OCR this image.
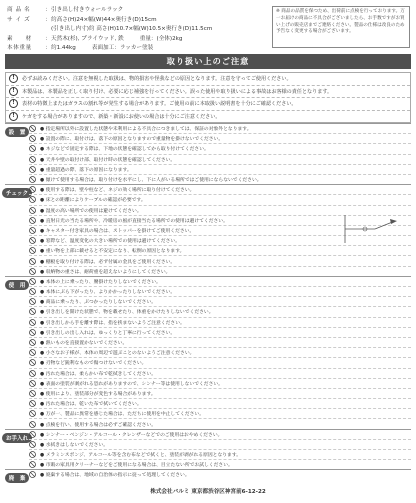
商 品 名	： 引き出し付きウォールラック
サ イ ズ	： 約高さ(H)24×幅(W)44×奥行き(D)15cm
(引き出し内寸)約 高さ(H)10.7×幅(W)10.5×奥行き(D)11.5cm
素　　材	： 天然木(杉), プライウッド, 鉄	重量：(全体)2kg
本体重量	： 約1.44kg	表面加工：ラッカー塗装
※ 商品の品質を保つため、出荷前に点検を行っております。万一お届けの商品に不具合がございましたら、お手数ですがお買い上げの販売店までご連絡ください。製品の仕様は改良のため予告なく変更する場合がございます。
取り扱い上のご注意
!	必ずお読みください。注意を無視した取扱は、物的損害や怪我などの原因となります。注意を守ってご使用ください。
!	本製品は、本製品を正しく取り付け、必要に応じ補強を行ってください。誤った使用や取り扱いによる事故はお客様の責任となります。
!	表材の特徴上またはガラスの割れ等が発生する場合があります。ご使用の前に本取扱い説明書を十分にご確認ください。
!	ケガをする場合がありますので、新築・新設にお使いの場合は十分にご注意ください。
設　置
● 指定場所以外に設置した状態や未利用による不具合につきましては、保証の対象外となります。
● 設置の際に、取付けは、落下の原因となりますので重量物を掛けないでください。
● ネジなどで固定する際は、下地の状態を確認してから取り付けてください。
● 天井や壁の取付け部、取付け時の状態を確認してください。
● 重量超過の際、落下の原因になります。
● 傾けて使用する場合は、取り付けを水平にし、下に人がいる場所ではご使用にならないでください。
チェック
● 使用する際は、壁や柱など、ネジの効く場所に取り付けてください。
● 床との距離によりケーブルの確認が必要です。
● 湿度の高い場所での使用は避けてください。
● 直射日光の当たる場所や、冷暖房の風が直接当たる場所での使用は避けてください。
● キャスター付き家具の場合は、ストッパーを掛けてご使用ください。
● 窓際など、温度変化の大きい場所での使用は避けてください。
● 重い物を上部に載せると不安定になり、転倒の原因となります。
● 棚板を取り付ける際は、必ず付属の金具をご使用ください。
● 収納物の重さは、耐荷重を超えないようにしてください。
使　用
● 本体の上に乗ったり、腰掛けたりしないでください。
● 本体にぶら下がったり、よりかかったりしないでください。
● 商品に乗ったり、ぶつかったりしないでください。
● 引き出しを開けた状態で、物を載せたり、体重をかけたりしないでください。
● 引き出しから手を離す際は、指を挟まないようご注意ください。
● 引き出しの出し入れは、ゆっくりと丁寧に行ってください。
● 熱いものを直接置かないでください。
● 小さなお子様が、本体の周辺で遊ぶことのないようご注意ください。
● 刃物など鋭利なもので傷つけないでください。
● 汚れた場合は、柔らかい布で乾拭きしてください。
● 表面の塗装が剥がれる恐れがありますので、シンナー等は使用しないでください。
● 使用により、塗装部分が変色する場合があります。
● 汚れた場合は、乾いた布で拭いてください。
● 万が一、製品に異常を感じた場合は、ただちに使用を中止してください。
● 点検を行い、使用する場合は必ずご確認ください。
お手入れ
● シンナー・ベンジン・アルコール・クレンザーなどでのご使用はおやめください。
● 水拭きはしないでください。
● メラミンスポンジ、アルコール等を含む布などで拭くと、塗装が剥がれる原因となります。
● 市販の家具用クリーナーなどをご使用になる場合は、目立たない所でお試しください。
廃　棄
● 廃棄する場合は、地域の自治体の指示に従って処理してください。
株式会社バルミ 東京都渋谷区神宮前6-12-22
